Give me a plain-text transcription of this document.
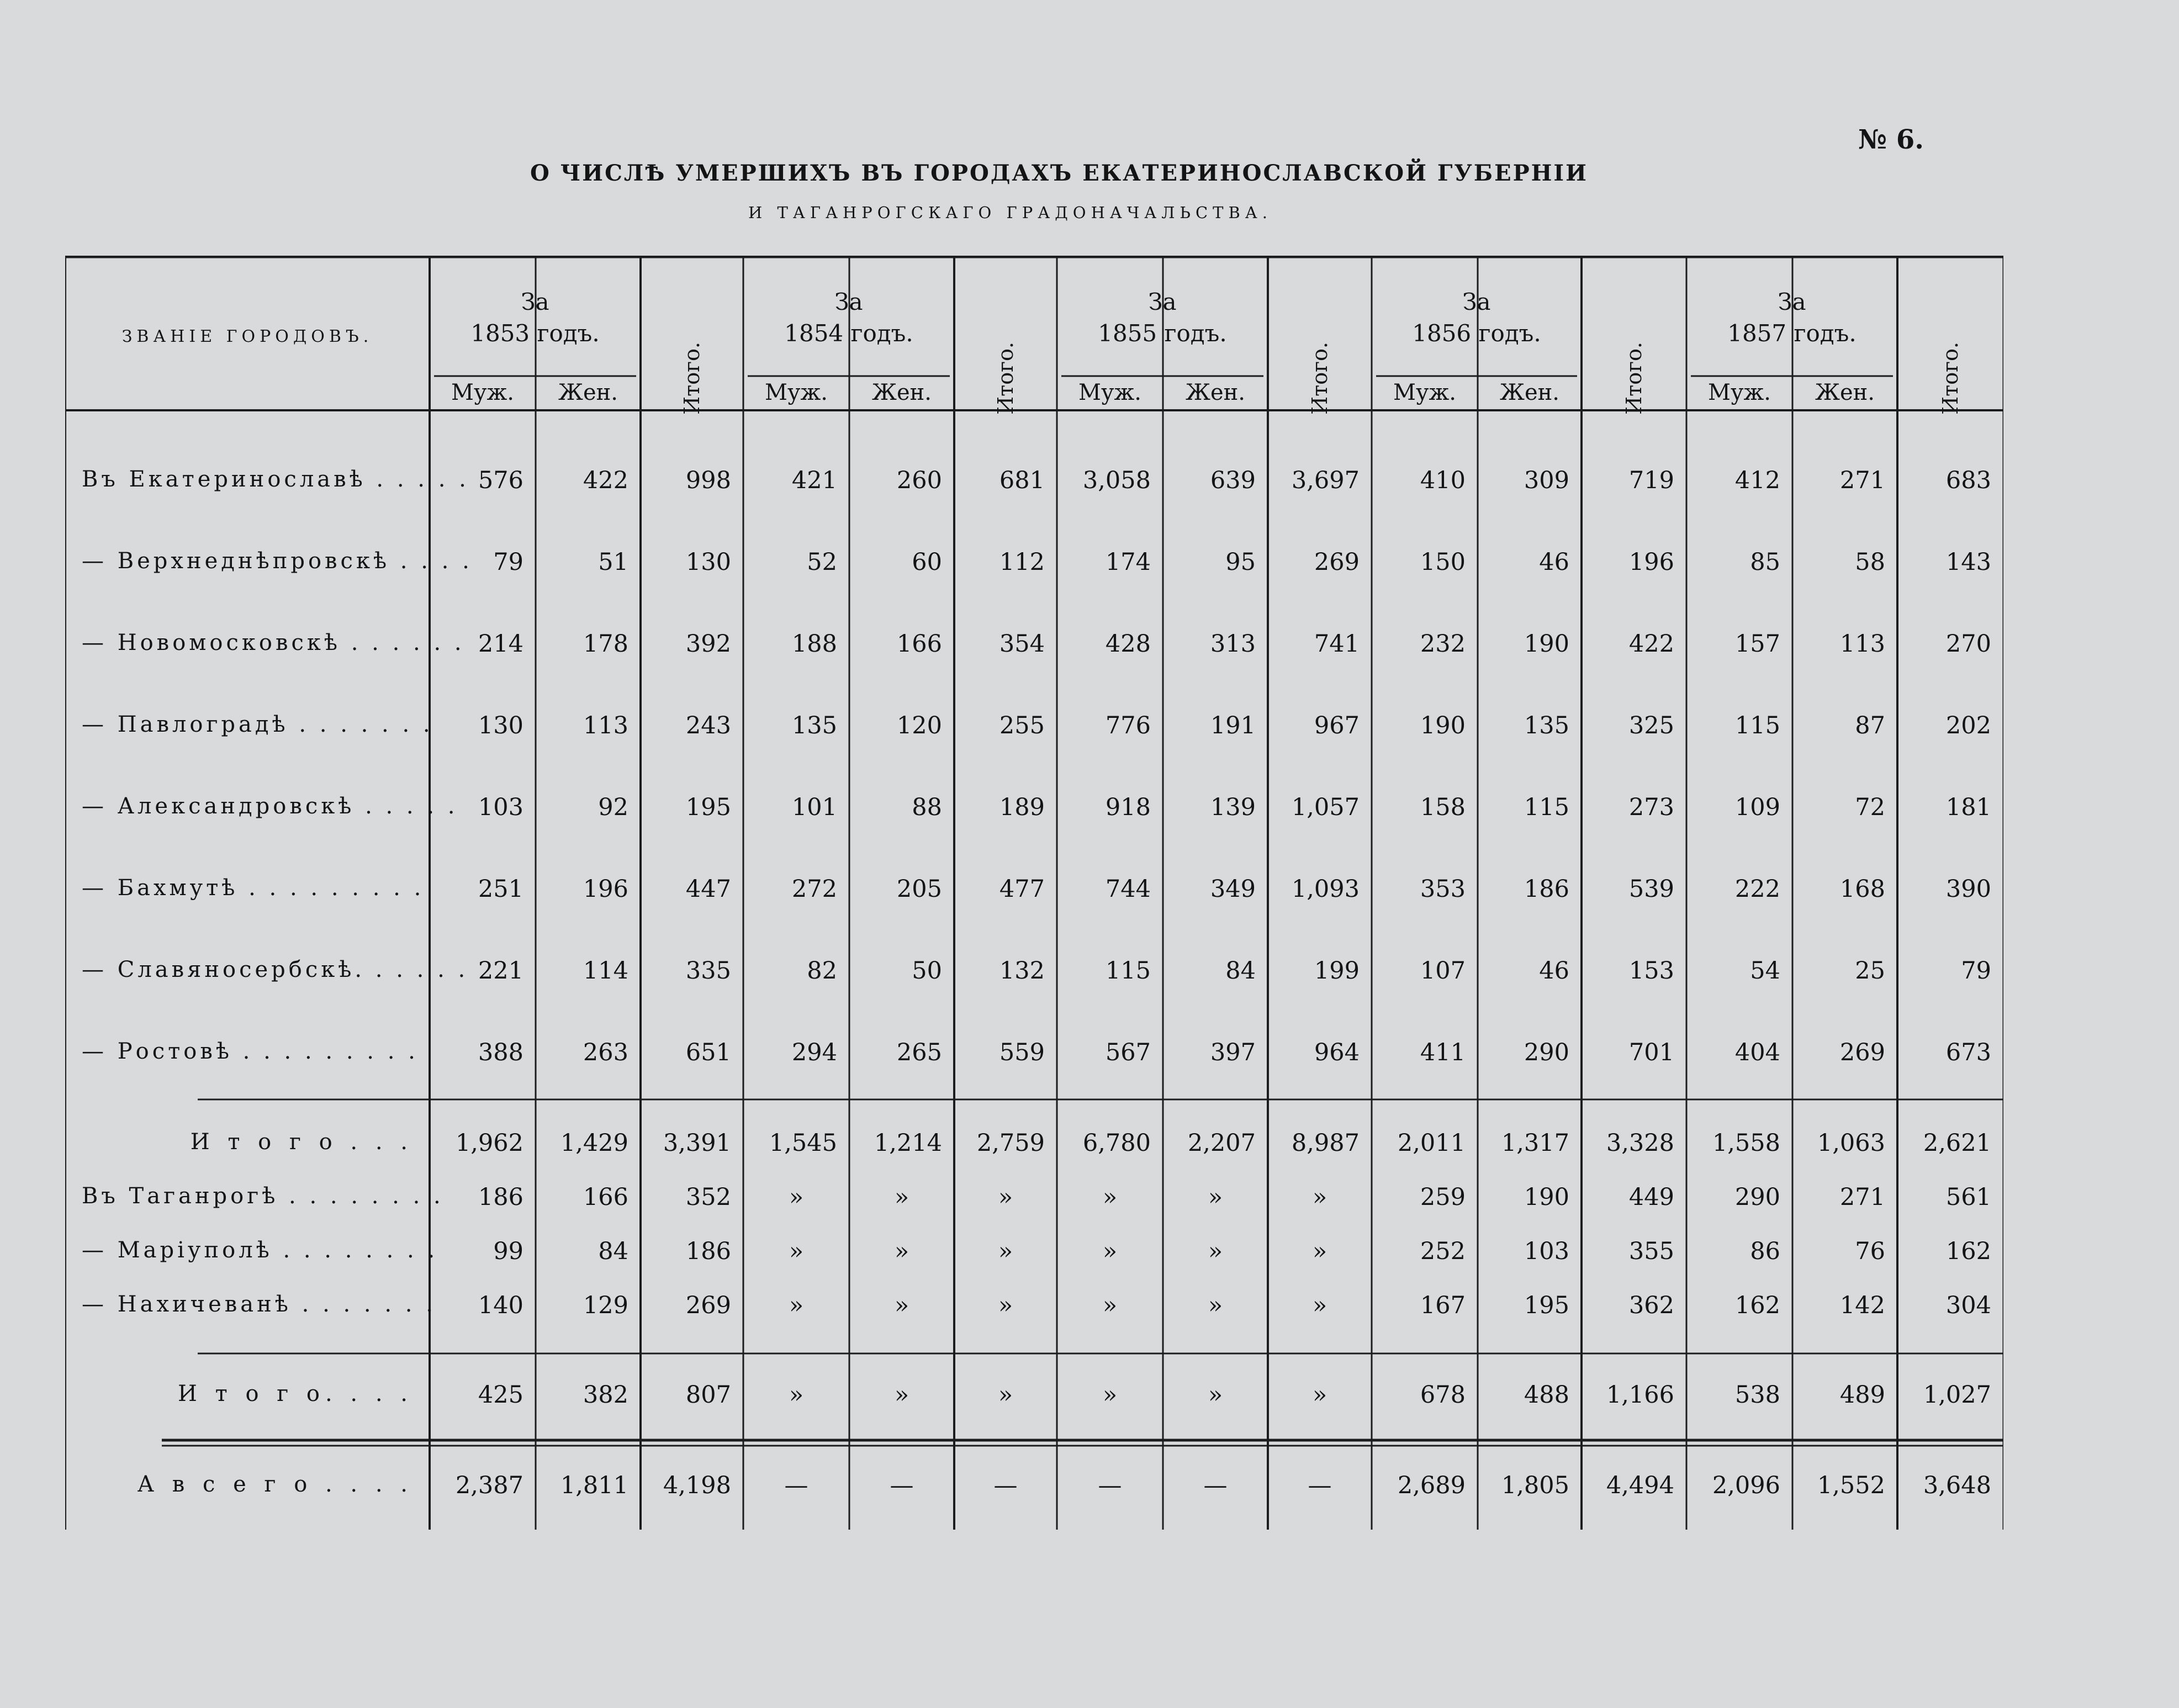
№ 6.
О ЧИСЛѢ УМЕРШИХЪ ВЪ ГОРОДАХЪ ЕКАТЕРИНОСЛАВСКОЙ ГУБЕРНІИ
И ТАГАНРОГСКАГО ГРАДОНАЧАЛЬСТВА.
ЗВАНІЕ ГОРОДОВЪ.
За
1853 годъ.
Муж.	Жен.	Итого.
За
1854 годъ.
Муж.	Жен.	Итого.
За
1855 годъ.
Муж.	Жен.	Итого.
За
1856 годъ.
Муж.	Жен.	Итого.
За
1857 годъ.
Муж.	Жен.	Итого.
Въ Екатеринославѣ . . . . . 576	422	998	421	260	681	3,058	639	3,697	410	309	719	412	271	683
— Верхнеднѣпровскѣ . . . . 79	51	130	52	60	112	174	95	269	150	46	196	85	58	143
— Новомосковскѣ . . . . . . 214	178	392	188	166	354	428	313	741	232	190	422	157	113	270
— Павлоградѣ . . . . . . .	130	113	243	135	120	255	776	191	967	190	135	325	115	87	202
— Александровскѣ . . . . . 103	92	195	101	88	189	918	139	1,057	158	115	273	109	72	181
— Бахмутѣ . . . . . . . . .	251	196	447	272	205	477	744	349	1,093	353	186	539	222	168	390
— Славяносербскѣ. . . . . . 221	114	335	82	50	132	115	84	199	107	46	153	54	25	79
— Ростовѣ . . . . . . . . .	388	263	651	294	265	559	567	397	964	411	290	701	404	269	673
И т о г о . . .	1,962	1,429	3,391	1,545	1,214	2,759	6,780	2,207	8,987	2,011	1,317	3,328	1,558	1,063	2,621
Въ Таганрогѣ . . . . . . . .	186	166	352	»	»	»	»	»	»	259	190	449	290	271	561
— Маріуполѣ . . . . . . . .	99	84	186	»	»	»	»	»	»	252	103	355	86	76	162
— Нахичеванѣ . . . . . . .	140	129	269	»	»	»	»	»	»	167	195	362	162	142	304
И т о г о. . . .	425	382	807	»	»	»	»	»	»	678	488	1,166	538	489	1,027
А в с е г о . . . .	2,387	1,811	4,198	—	—	—	—	—	—	2,689	1,805	4,494	2,096	1,552	3,648
